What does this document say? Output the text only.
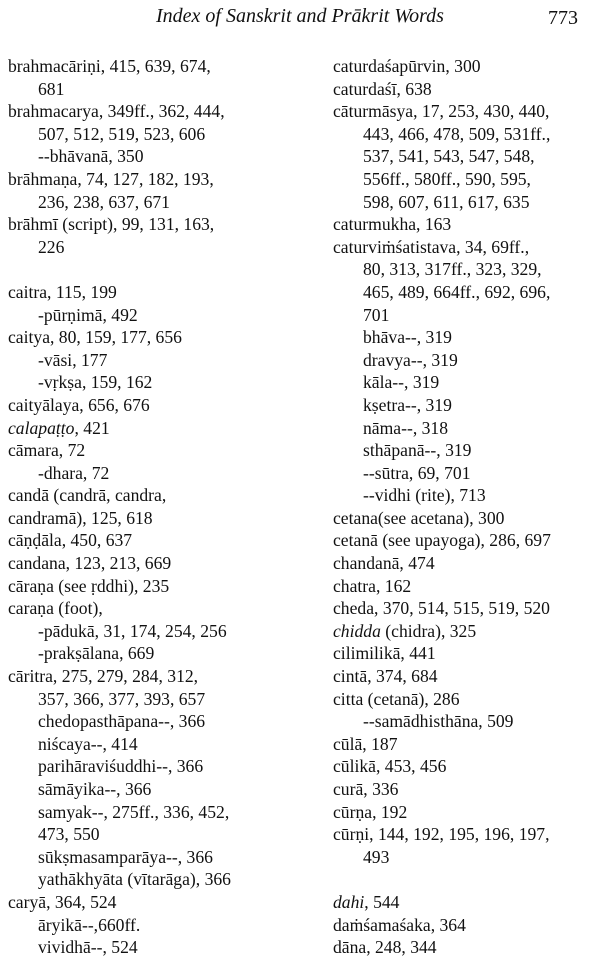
Index of Sanskrit and Prākrit Words	773
brahmacāriṇi, 415, 639, 674,
681
brahmacarya, 349ff., 362, 444,
507, 512, 519, 523, 606
--bhāvanā, 350
brāhmaṇa, 74, 127, 182, 193,
236, 238, 637, 671
brāhmī (script), 99, 131, 163,
226
caitra, 115, 199
-pūrṇimā, 492
caitya, 80, 159, 177, 656
-vāsi, 177
-vṛkṣa, 159, 162
caityālaya, 656, 676
calapaṭṭo, 421
cāmara, 72
-dhara, 72
candā (candrā, candra,
candramā), 125, 618
cāṇḍāla, 450, 637
candana, 123, 213, 669
cāraṇa (see ṛddhi), 235
caraṇa (foot),
-pādukā, 31, 174, 254, 256
-prakṣālana, 669
cāritra, 275, 279, 284, 312,
357, 366, 377, 393, 657
chedopasthāpana--, 366
niścaya--, 414
parihāraviśuddhi--, 366
sāmāyika--, 366
samyak--, 275ff., 336, 452,
473, 550
sūkṣmasamparāya--, 366
yathākhyāta (vītarāga), 366
caryā, 364, 524
āryikā--,660ff.
vividhā--, 524
caturdaśapūrvin, 300
caturdaśī, 638
cāturmāsya, 17, 253, 430, 440,
443, 466, 478, 509, 531ff.,
537, 541, 543, 547, 548,
556ff., 580ff., 590, 595,
598, 607, 611, 617, 635
caturmukha, 163
caturviṁśatistava, 34, 69ff.,
80, 313, 317ff., 323, 329,
465, 489, 664ff., 692, 696,
701
bhāva--, 319
dravya--, 319
kāla--, 319
kṣetra--, 319
nāma--, 318
sthāpanā--, 319
--sūtra, 69, 701
--vidhi (rite), 713
cetana(see acetana), 300
cetanā (see upayoga), 286, 697
chandanā, 474
chatra, 162
cheda, 370, 514, 515, 519, 520
chidda (chidra), 325
cilimilikā, 441
cintā, 374, 684
citta (cetanā), 286
--samādhisthāna, 509
cūlā, 187
cūlikā, 453, 456
curā, 336
cūrṇa, 192
cūrṇi, 144, 192, 195, 196, 197,
493
dahi, 544
daṁśamaśaka, 364
dāna, 248, 344
